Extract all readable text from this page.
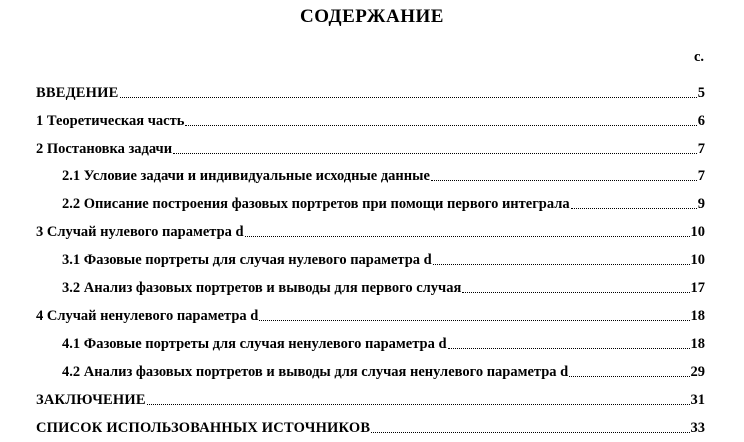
СОДЕРЖАНИЕ
с.
ВВЕДЕНИЕ	5
1 Теоретическая часть	6
2 Постановка задачи	7
2.1 Условие задачи и индивидуальные исходные данные	7
2.2 Описание построения фазовых портретов при помощи первого интеграла	9
3 Случай нулевого параметра d	10
3.1 Фазовые портреты для случая нулевого параметра d	10
3.2 Анализ фазовых портретов и выводы для первого случая	17
4 Случай ненулевого параметра d	18
4.1 Фазовые портреты для случая ненулевого параметра d	18
4.2 Анализ фазовых портретов и выводы для случая ненулевого параметра d	29
ЗАКЛЮЧЕНИЕ	31
СПИСОК ИСПОЛЬЗОВАННЫХ ИСТОЧНИКОВ	33
